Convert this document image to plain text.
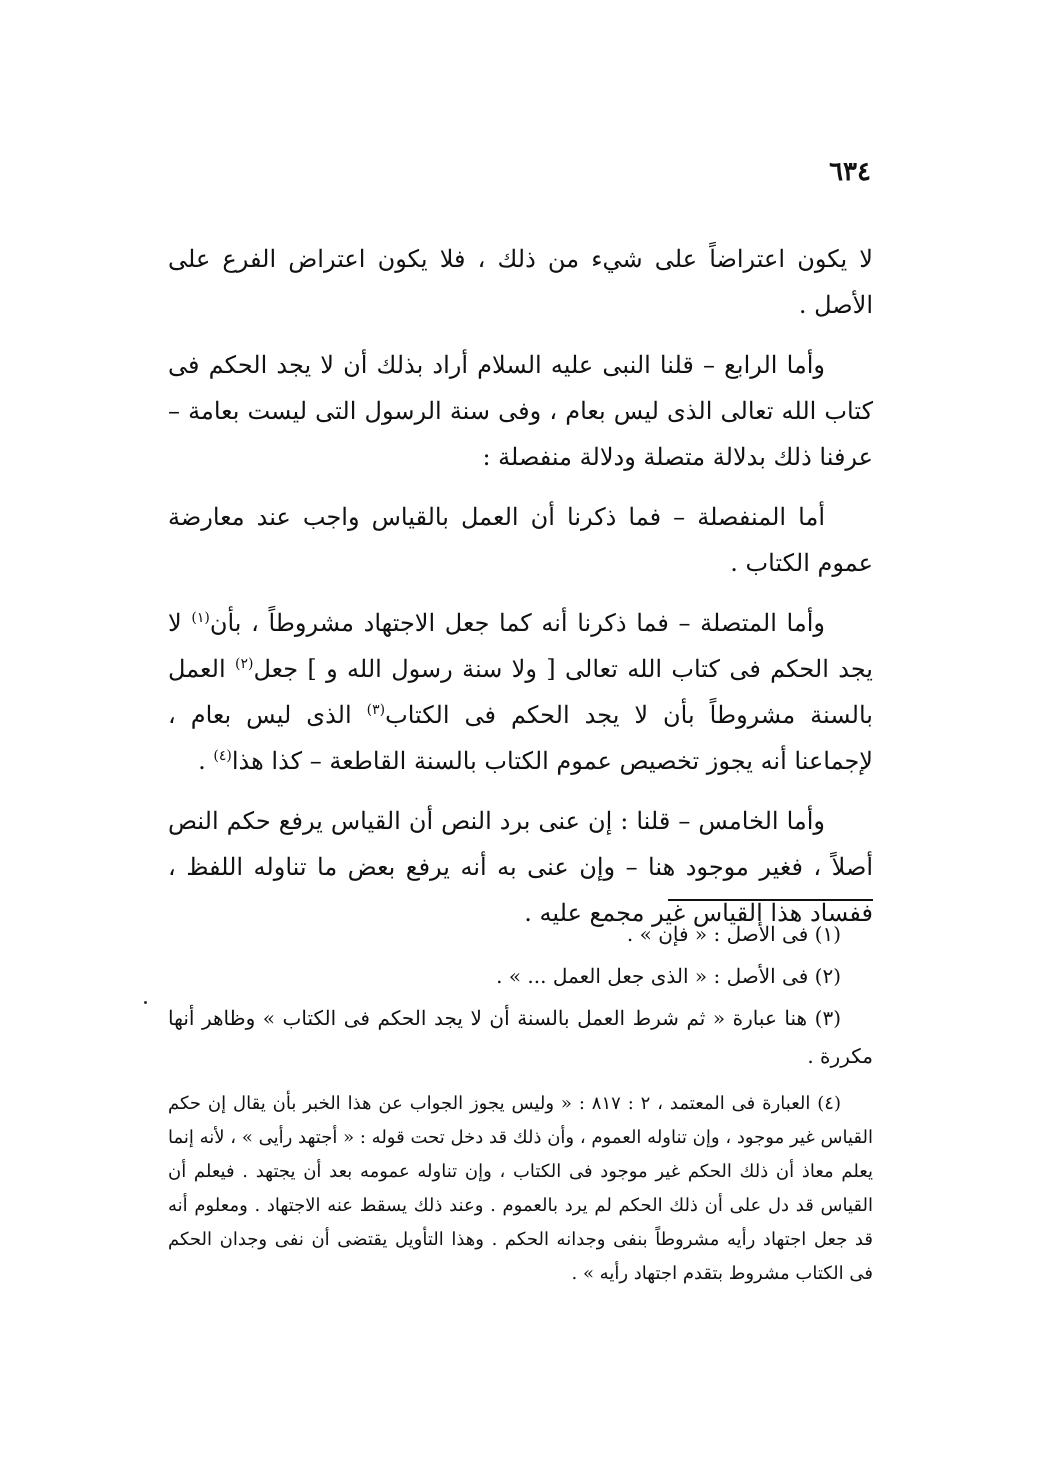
٦٣٤

لا يكون اعتراضاً على شيء من ذلك ، فلا يكون اعتراض الفرع على الأصل .

وأما الرابع – قلنا النبى عليه السلام أراد بذلك أن لا يجد الحكم فى كتاب الله تعالى الذى ليس بعام ، وفى سنة الرسول التى ليست بعامة – عرفنا ذلك بدلالة متصلة ودلالة منفصلة :

أما المنفصلة – فما ذكرنا أن العمل بالقياس واجب عند معارضة عموم الكتاب .

وأما المتصلة – فما ذكرنا أنه كما جعل الاجتهاد مشروطاً ، بأن$^{(١)}$ لا يجد الحكم فى كتاب الله تعالى [ ولا سنة رسول الله و ] جعل$^{(٢)}$ العمل بالسنة مشروطاً بأن لا يجد الحكم فى الكتاب$^{(٣)}$ الذى ليس بعام ، لإجماعنا أنه يجوز تخصيص عموم الكتاب بالسنة القاطعة – كذا هذا$^{(٤)}$ .

وأما الخامس – قلنا : إن عنى برد النص أن القياس يرفع حكم النص أصلاً ، فغير موجود هنا – وإن عنى به أنه يرفع بعض ما تناوله اللفظ ، ففساد هذا القياس غير مجمع عليه .

(١) فى الأصل : « فإن » .

(٢) فى الأصل : « الذى جعل العمل ... » .

(٣) هنا عبارة « ثم شرط العمل بالسنة أن لا يجد الحكم فى الكتاب » وظاهر أنها مكررة .

(٤) العبارة فى المعتمد ، ٢ : ٨١٧ : « وليس يجوز الجواب عن هذا الخبر بأن يقال إن حكم القياس غير موجود ، وإن تناوله العموم ، وأن ذلك قد دخل تحت قوله : « أجتهد رأيى » ، لأنه إنما يعلم معاذ أن ذلك الحكم غير موجود فى الكتاب ، وإن تناوله عمومه بعد أن يجتهد . فيعلم أن القياس قد دل على أن ذلك الحكم لم يرد بالعموم . وعند ذلك يسقط عنه الاجتهاد . ومعلوم أنه قد جعل اجتهاد رأيه مشروطاً بنفى وجدانه الحكم . وهذا التأويل يقتضى أن نفى وجدان الحكم فى الكتاب مشروط بتقدم اجتهاد رأيه » .
